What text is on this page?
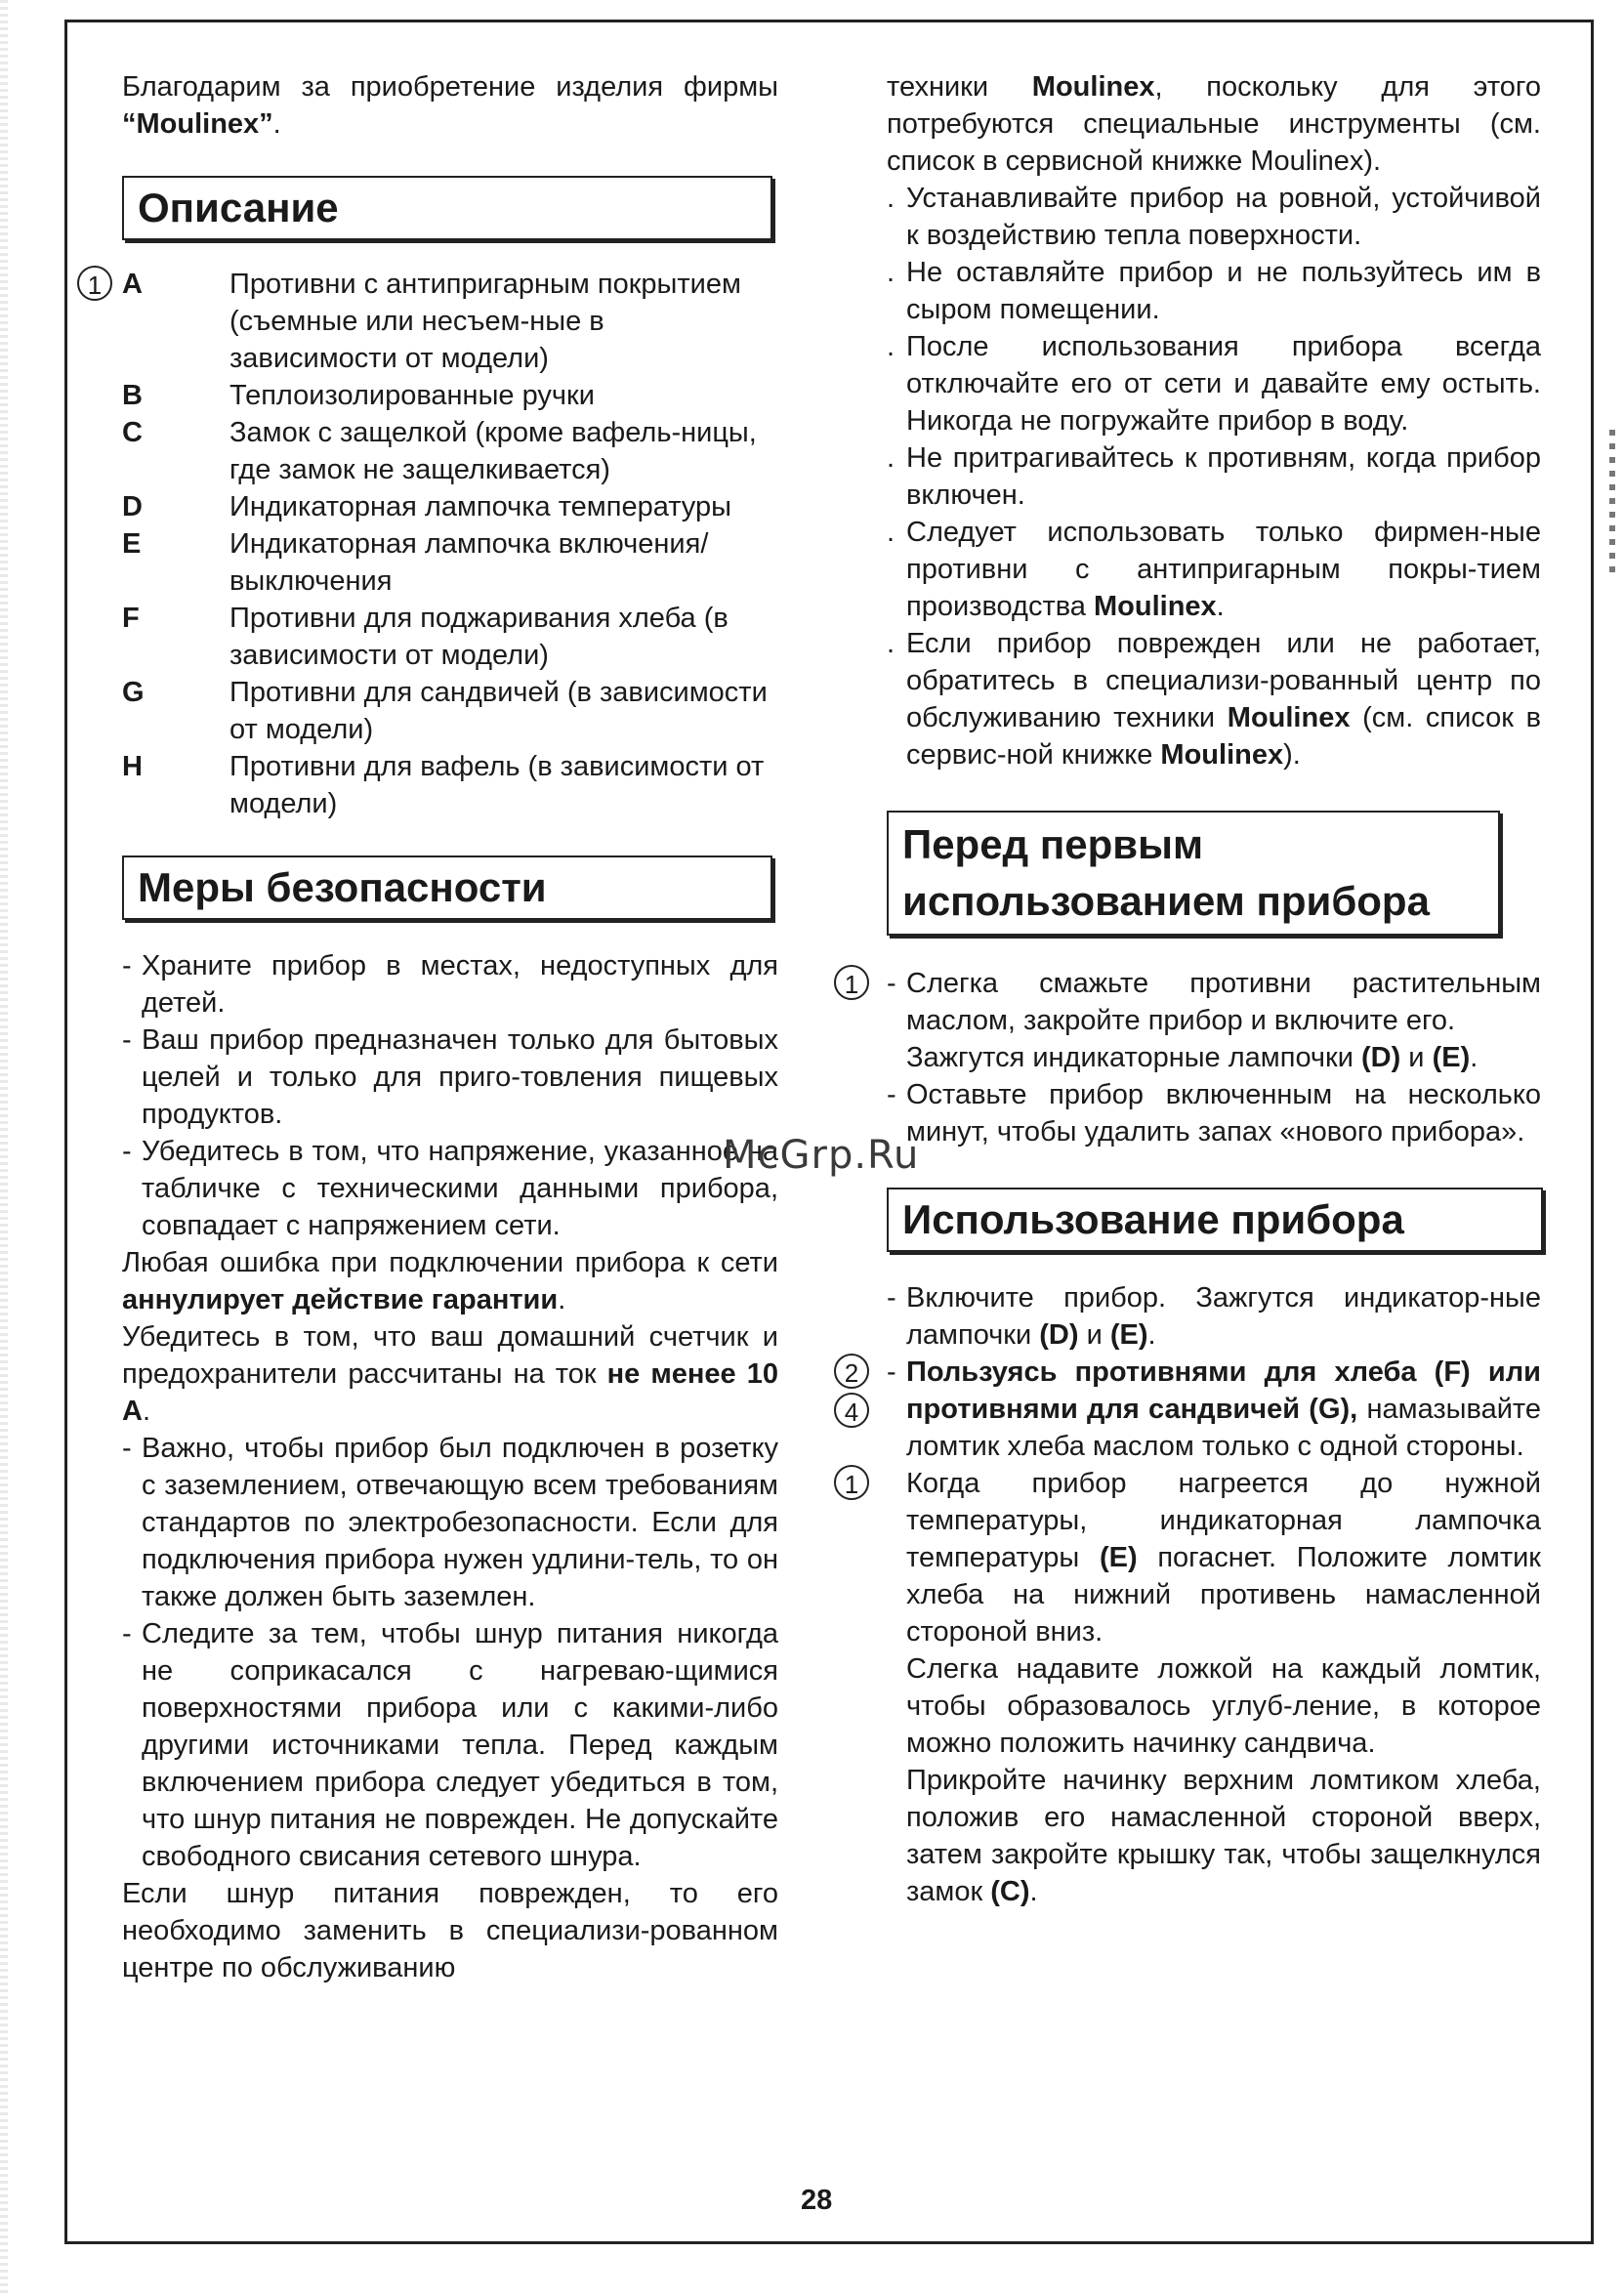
Благодарим за приобретение изделия фирмы “Moulinex”.

Описание
1 A	Противни с антипригарным покрытием (съемные или несъем-ные в зависимости от модели)
B	Теплоизолированные ручки
C	Замок с защелкой (кроме вафель-ницы, где замок не защелкивается)
D	Индикаторная лампочка температуры
E	Индикаторная лампочка включения/выключения
F	Противни для поджаривания хлеба (в зависимости от модели)
G	Противни для сандвичей (в зависимости от модели)
H	Противни для вафель (в зависимости от модели)
Меры безопасности
- Храните прибор в местах, недоступных для детей.
- Ваш прибор предназначен только для бытовых целей и только для приго-товления пищевых продуктов.
- Убедитесь в том, что напряжение, указанное на табличке с техническими данными прибора, совпадает с напряжением сети.

Любая ошибка при подключении прибора к сети аннулирует действие гарантии.

Убедитесь в том, что ваш домашний счетчик и предохранители рассчитаны на ток не менее 10 А.

- Важно, чтобы прибор был подключен в розетку с заземлением, отвечающую всем требованиям стандартов по электробезопасности. Если для подключения прибора нужен удлини-тель, то он также должен быть заземлен.
- Следите за тем, чтобы шнур питания никогда не соприкасался с нагреваю-щимися поверхностями прибора или с какими-либо другими источниками тепла. Перед каждым включением прибора следует убедиться в том, что шнур питания не поврежден. Не допускайте свободного свисания сетевого шнура.

Если шнур питания поврежден, то его необходимо заменить в специализи-рованном центре по обслуживанию

техники Moulinex, поскольку для этого потребуются специальные инструменты (см. список в сервисной книжке Moulinex).

. Устанавливайте прибор на ровной, устойчивой к воздействию тепла поверхности.
. Не оставляйте прибор и не пользуйтесь им в сыром помещении.
. После использования прибора всегда отключайте его от сети и давайте ему остыть. Никогда не погружайте прибор в воду.
. Не притрагивайтесь к противням, когда прибор включен.
. Следует использовать только фирмен-ные противни с антипригарным покры-тием производства Moulinex.
. Если прибор поврежден или не работает, обратитесь в специализи-рованный центр по обслуживанию техники Moulinex (см. список в сервис-ной книжке Moulinex).
Перед первым
использованием прибора
1 - Слегка смажьте противни растительным маслом, закройте прибор и включите его.

Зажгутся индикаторные лампочки (D) и (E).

- Оставьте прибор включенным на несколько минут, чтобы удалить запах «нового прибора».
Использование прибора
- Включите прибор. Зажгутся индикатор-ные лампочки (D) и (E).
2
4
- Пользуясь противнями для хлеба (F) или противнями для сандвичей (G), намазывайте ломтик хлеба маслом только с одной стороны.
1	Когда прибор нагреется до нужной температуры, индикаторная лампочка температуры (E) погаснет. Положите ломтик хлеба на нижний противень намасленной стороной вниз.

Слегка надавите ложкой на каждый ломтик, чтобы образовалось углуб-ление, в которое можно положить начинку сандвича.

Прикройте начинку верхним ломтиком хлеба, положив его намасленной стороной вверх, затем закройте крышку так, чтобы защелкнулся замок (C).

McGrp.Ru
28
